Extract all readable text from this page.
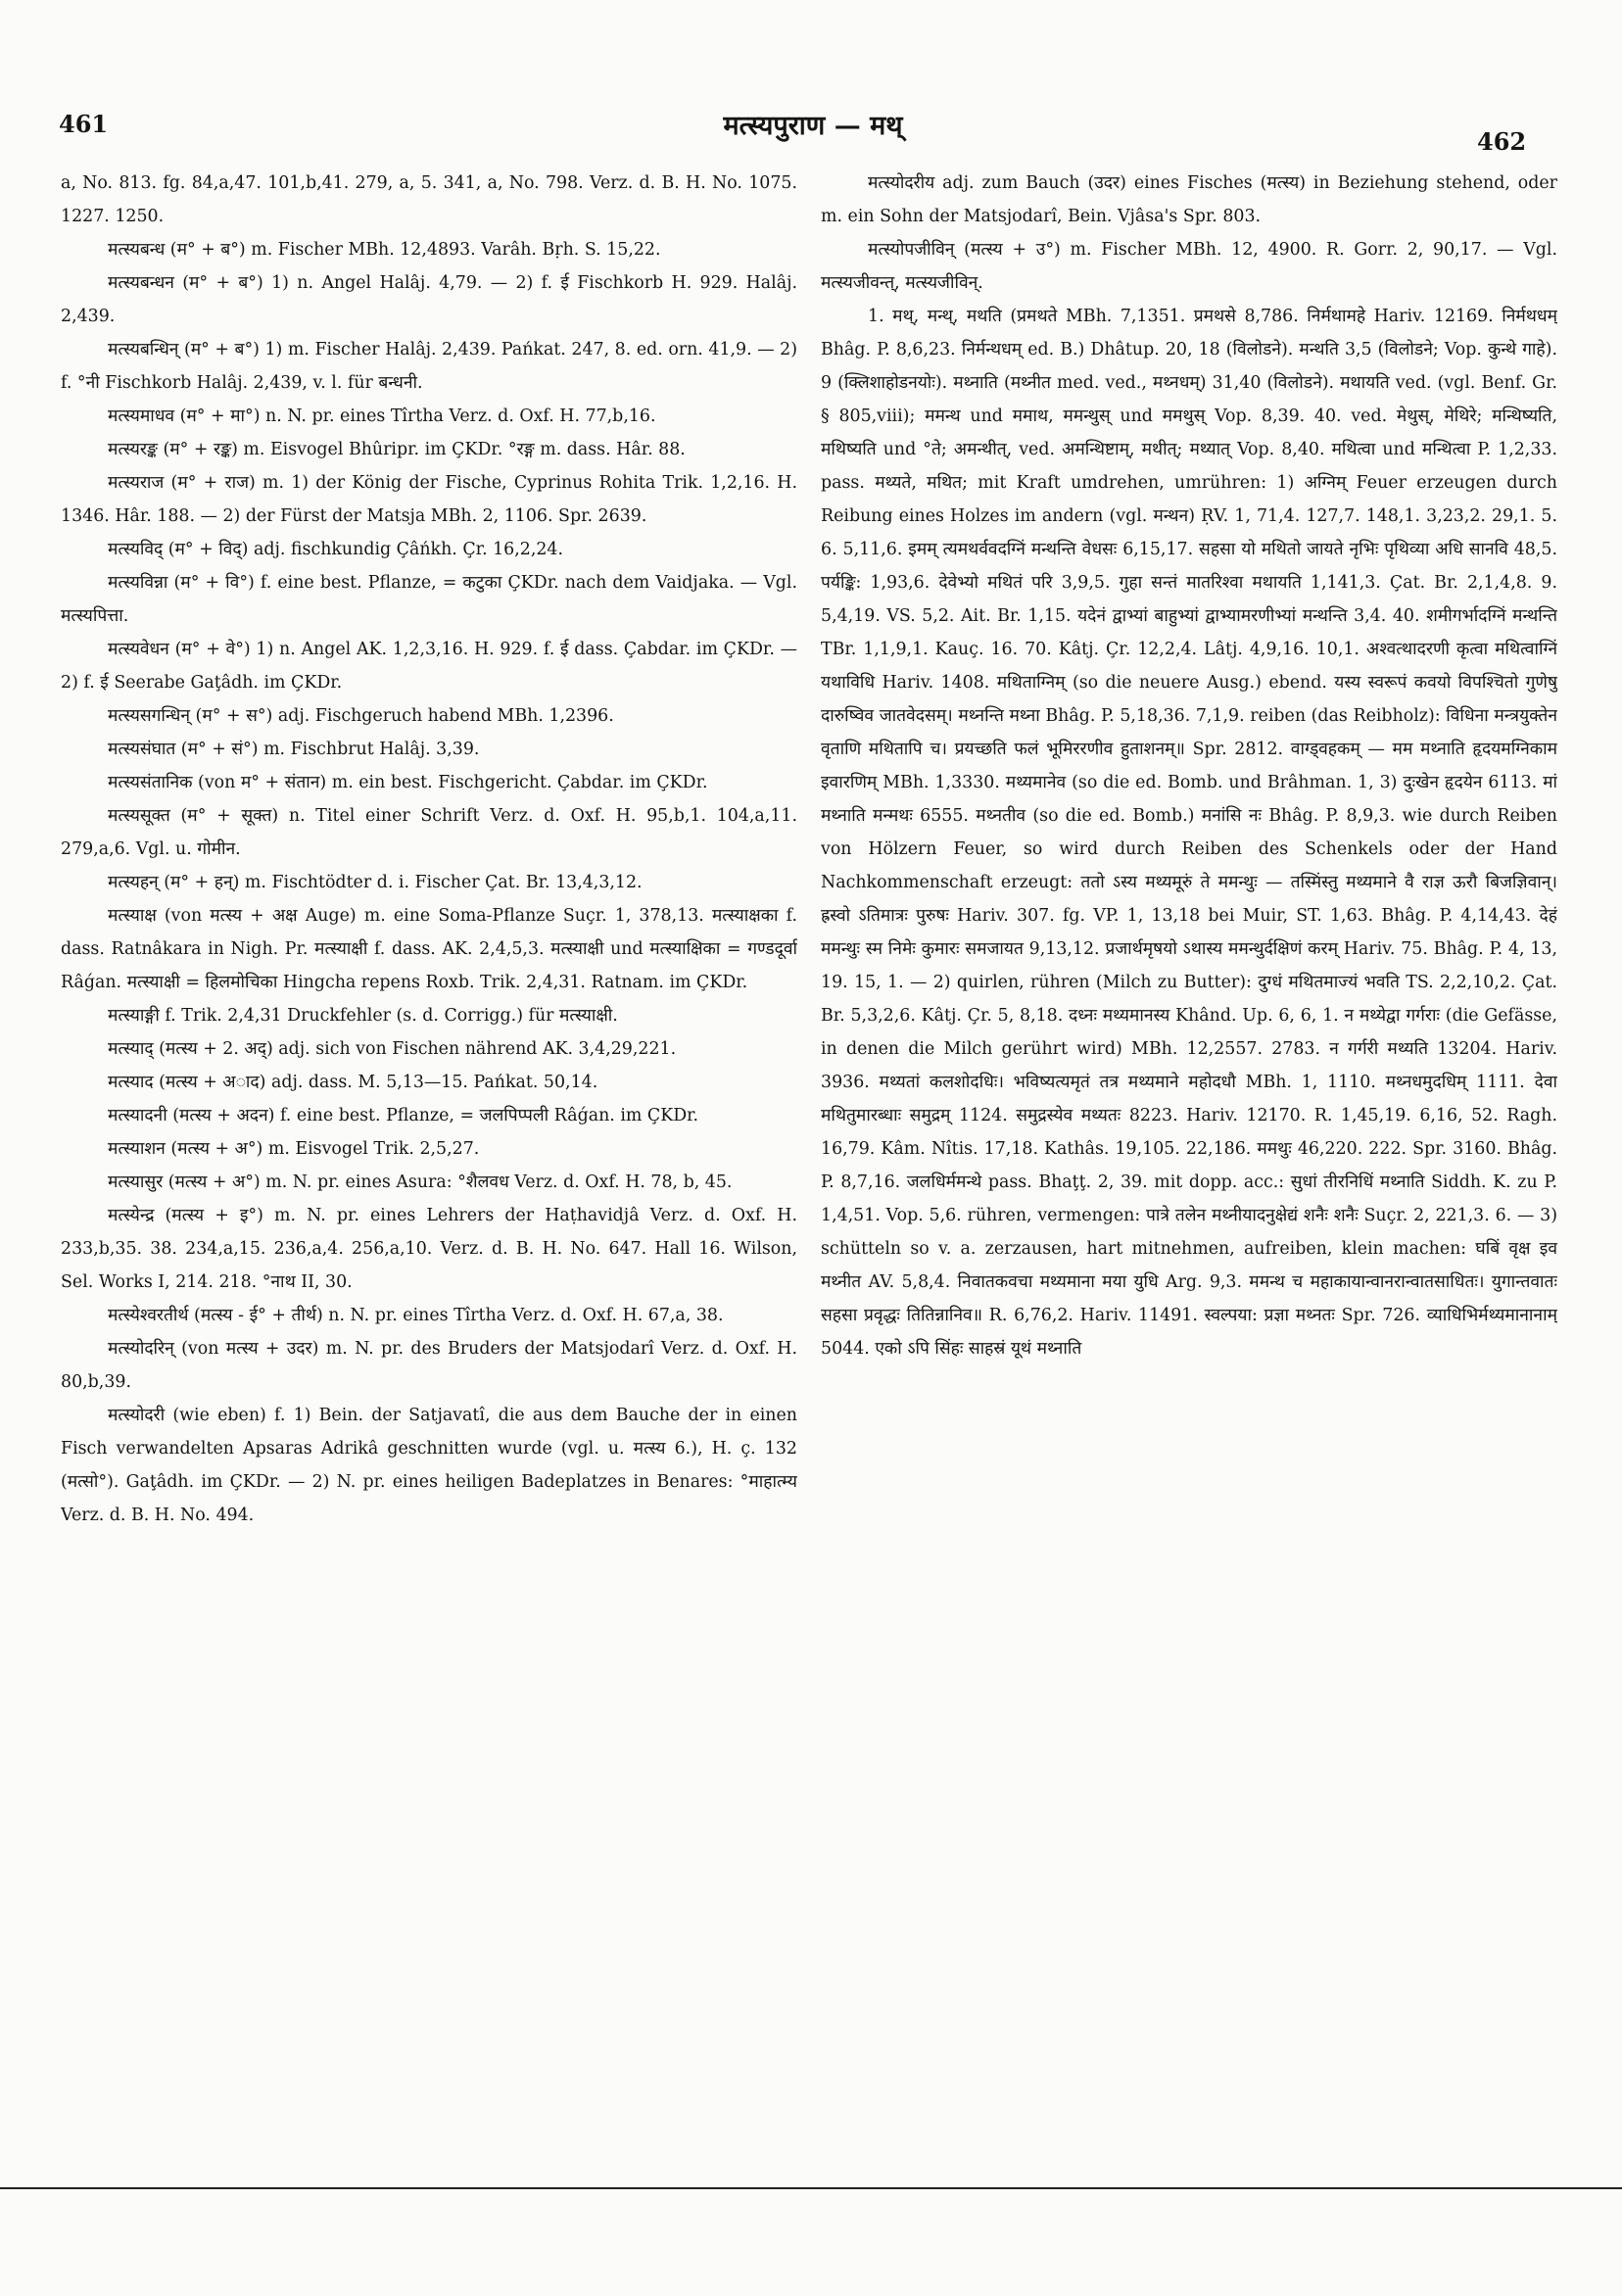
461	मत्स्यपुराण — मथ्
462

a, No. 813. fg. 84,a,47. 101,b,41. 279, a, 5. 341, a, No. 798. Verz. d. B. H. No. 1075. 1227. 1250.

मत्स्यबन्ध (म° + ब°) m. Fischer MBh. 12,4893. Varâh. Bṛh. S. 15,22.

मत्स्यबन्धन (म° + ब°) 1) n. Angel Halâj. 4,79. — 2) f. ई Fischkorb H. 929. Halâj. 2,439.

मत्स्यबन्धिन् (म° + ब°) 1) m. Fischer Halâj. 2,439. Pańkat. 247, 8. ed. orn. 41,9. — 2) f. °नी Fischkorb Halâj. 2,439, v. l. für बन्धनी.

मत्स्यमाधव (म° + मा°) n. N. pr. eines Tîrtha Verz. d. Oxf. H. 77,b,16.

मत्स्यरङ्क (म° + रङ्क) m. Eisvogel Bhûripr. im ÇKDr. °रङ्ग m. dass. Hâr. 88.

मत्स्यराज (म° + राज) m. 1) der König der Fische, Cyprinus Rohita Trik. 1,2,16. H. 1346. Hâr. 188. — 2) der Fürst der Matsja MBh. 2, 1106. Spr. 2639.

मत्स्यविद् (म° + विद्) adj. fischkundig Çâńkh. Çr. 16,2,24.

मत्स्यविन्ना (म° + वि°) f. eine best. Pflanze, = कटुका ÇKDr. nach dem Vaidjaka. — Vgl. मत्स्यपित्ता.

मत्स्यवेधन (म° + वे°) 1) n. Angel AK. 1,2,3,16. H. 929. f. ई dass. Çabdar. im ÇKDr. — 2) f. ई Seerabe Gaţâdh. im ÇKDr.

मत्स्यसगन्धिन् (म° + स°) adj. Fischgeruch habend MBh. 1,2396.

मत्स्यसंघात (म° + सं°) m. Fischbrut Halâj. 3,39.

मत्स्यसंतानिक (von म° + संतान) m. ein best. Fischgericht. Çabdar. im ÇKDr.

मत्स्यसूक्त (म° + सूक्त) n. Titel einer Schrift Verz. d. Oxf. H. 95,b,1. 104,a,11. 279,a,6. Vgl. u. गोमीन.

मत्स्यहन् (म° + हन्) m. Fischtödter d. i. Fischer Çat. Br. 13,4,3,12.

मत्स्याक्ष (von मत्स्य + अक्ष Auge) m. eine Soma-Pflanze Suçr. 1, 378,13. मत्स्याक्षका f. dass. Ratnâkara in Nigh. Pr. मत्स्याक्षी f. dass. AK. 2,4,5,3. मत्स्याक्षी und मत्स्याक्षिका = गण्डदूर्वा Râǵan. मत्स्याक्षी = हिलमोचिका Hingcha repens Roxb. Trik. 2,4,31. Ratnam. im ÇKDr.

मत्स्याङ्गी f. Trik. 2,4,31 Druckfehler (s. d. Corrigg.) für मत्स्याक्षी.

मत्स्याद् (मत्स्य + 2. अद्) adj. sich von Fischen nährend AK. 3,4,29,221.

मत्स्याद (मत्स्य + अाद) adj. dass. M. 5,13—15. Pańkat. 50,14.

मत्स्यादनी (मत्स्य + अदन) f. eine best. Pflanze, = जलपिप्पली Râǵan. im ÇKDr.

मत्स्याशन (मत्स्य + अ°) m. Eisvogel Trik. 2,5,27.

मत्स्यासुर (मत्स्य + अ°) m. N. pr. eines Asura: °शैलवध Verz. d. Oxf. H. 78, b, 45.

मत्स्येन्द्र (मत्स्य + इ°) m. N. pr. eines Lehrers der Haṭhavidjâ Verz. d. Oxf. H. 233,b,35. 38. 234,a,15. 236,a,4. 256,a,10. Verz. d. B. H. No. 647. Hall 16. Wilson, Sel. Works I, 214. 218. °नाथ II, 30.

मत्स्येश्वरतीर्थ (मत्स्य - ई° + तीर्थ) n. N. pr. eines Tîrtha Verz. d. Oxf. H. 67,a, 38.

मत्स्योदरिन् (von मत्स्य + उदर) m. N. pr. des Bruders der Matsjodarî Verz. d. Oxf. H. 80,b,39.

मत्स्योदरी (wie eben) f. 1) Bein. der Satjavatî, die aus dem Bauche der in einen Fisch verwandelten Apsaras Adrikâ geschnitten wurde (vgl. u. मत्स्य 6.), H. ç. 132 (मत्सो°). Gaţâdh. im ÇKDr. — 2) N. pr. eines heiligen Badeplatzes in Benares: °माहात्म्य Verz. d. B. H. No. 494.

मत्स्योदरीय adj. zum Bauch (उदर) eines Fisches (मत्स्य) in Beziehung stehend, oder m. ein Sohn der Matsjodarî, Bein. Vjâsa's Spr. 803.

मत्स्योपजीविन् (मत्स्य + उ°) m. Fischer MBh. 12, 4900. R. Gorr. 2, 90,17. — Vgl. मत्स्यजीवन्त्, मत्स्यजीविन्.

1. मथ्, मन्थ्, मथति (प्रमथते MBh. 7,1351. प्रमथसे 8,786. निर्मथामहे Hariv. 12169. निर्मथधम् Bhâg. P. 8,6,23. निर्मन्थधम् ed. B.) Dhâtup. 20, 18 (विलोडने). मन्थति 3,5 (विलोडने; Vop. कुन्थे गाहे). 9 (क्लिशाहोडनयोः). मथ्नाति (मथ्नीत med. ved., मथ्नधम्) 31,40 (विलोडने). मथायति ved. (vgl. Benf. Gr. § 805,viii); ममन्थ und ममाथ, ममन्थुस् und ममथुस् Vop. 8,39. 40. ved. मेथुस्, मेथिरे; मन्थिष्यति, मथिष्यति und °ते; अमन्थीत्, ved. अमन्थिष्टाम्, मथीत्; मथ्यात् Vop. 8,40. मथित्वा und मन्थित्वा P. 1,2,33. pass. मथ्यते, मथित; mit Kraft umdrehen, umrühren: 1) अग्निम् Feuer erzeugen durch Reibung eines Holzes im andern (vgl. मन्थन) ṚV. 1, 71,4. 127,7. 148,1. 3,23,2. 29,1. 5. 6. 5,11,6. इमम् त्यमथर्ववदग्निं मन्थन्ति वेधसः 6,15,17. सहसा यो मथितो जायते नृभिः पृथिव्या अधि सानवि 48,5. पर्यङ्कि: 1,93,6. देवेभ्यो मथितं परि 3,9,5. गुहा सन्तं मातरिश्वा मथायति 1,141,3. Çat. Br. 2,1,4,8. 9. 5,4,19. VS. 5,2. Ait. Br. 1,15. यदेनं द्वाभ्यां बाहुभ्यां द्वाभ्यामरणीभ्यां मन्थन्ति 3,4. 40. शमीगर्भादग्निं मन्थन्ति TBr. 1,1,9,1. Kauç. 16. 70. Kâtj. Çr. 12,2,4. Lâtj. 4,9,16. 10,1. अश्वत्थादरणी कृत्वा मथित्वाग्निं यथाविधि Hariv. 1408. मथिताग्निम् (so die neuere Ausg.) ebend. यस्य स्वरूपं कवयो विपश्चितो गुणेषु दारुष्विव जातवेदसम्। मथ्नन्ति मथ्ना Bhâg. P. 5,18,36. 7,1,9. reiben (das Reibholz): विधिना मन्त्रयुक्तेन वृताणि मथितापि च। प्रयच्छति फलं भूमिररणीव हुताशनम्॥ Spr. 2812. वाग्ड्वहकम् — मम मथ्नाति हृदयमग्निकाम इवारणिम् MBh. 1,3330. मथ्यमानेव (so die ed. Bomb. und Brâhman. 1, 3) दुःखेन हृदयेन 6113. मां मथ्नाति मन्मथः 6555. मथ्नतीव (so die ed. Bomb.) मनांसि नः Bhâg. P. 8,9,3. wie durch Reiben von Hölzern Feuer, so wird durch Reiben des Schenkels oder der Hand Nachkommenschaft erzeugt: ततो ऽस्य मथ्यमूरुं ते ममन्थुः — तस्मिंस्तु मथ्यमाने वै राज्ञ ऊरौ बिजज्ञिवान्। ह्रस्वो ऽतिमात्रः पुरुषः Hariv. 307. fg. VP. 1, 13,18 bei Muir, ST. 1,63. Bhâg. P. 4,14,43. देहं ममन्थुः स्म निमेः कुमारः समजायत 9,13,12. प्रजार्थमृषयो ऽथास्य ममन्थुर्दक्षिणं करम् Hariv. 75. Bhâg. P. 4, 13, 19. 15, 1. — 2) quirlen, rühren (Milch zu Butter): दुग्धं मथितमाज्यं भवति TS. 2,2,10,2. Çat. Br. 5,3,2,6. Kâtj. Çr. 5, 8,18. दध्नः मथ्यमानस्य Khând. Up. 6, 6, 1. न मथ्येद्वा गर्गराः (die Gefässe, in denen die Milch gerührt wird) MBh. 12,2557. 2783. न गर्गरी मथ्यति 13204. Hariv. 3936. मथ्यतां कलशोदधिः। भविष्यत्यमृतं तत्र मथ्यमाने महोदधौ MBh. 1, 1110. मथ्नधमुदधिम् 1111. देवा मथितुमारब्धाः समुद्रम् 1124. समुद्रस्येव मथ्यतः 8223. Hariv. 12170. R. 1,45,19. 6,16, 52. Ragh. 16,79. Kâm. Nîtis. 17,18. Kathâs. 19,105. 22,186. ममथुः 46,220. 222. Spr. 3160. Bhâg. P. 8,7,16. जलधिर्ममन्थे pass. Bhaţţ. 2, 39. mit dopp. acc.: सुधां तीरनिधिं मथ्नाति Siddh. K. zu P. 1,4,51. Vop. 5,6. rühren, vermengen: पात्रे तलेन मथ्नीयादनुक्षेद्यं शनैः शनैः Suçr. 2, 221,3. 6. — 3) schütteln so v. a. zerzausen, hart mitnehmen, aufreiben, klein machen: घबिं वृक्ष इव मथ्नीत AV. 5,8,4. निवातकवचा मथ्यमाना मया युधि Arg. 9,3. ममन्थ च महाकायान्वानरान्वातसाधितः। युगान्तवातः सहसा प्रवृद्धः तितिन्नानिव॥ R. 6,76,2. Hariv. 11491. स्वल्पया: प्रज्ञा मथ्नतः Spr. 726. व्याधिभिर्मथ्यमानानाम् 5044. एको ऽपि सिंहः साहस्रं यूथं मथ्नाति
